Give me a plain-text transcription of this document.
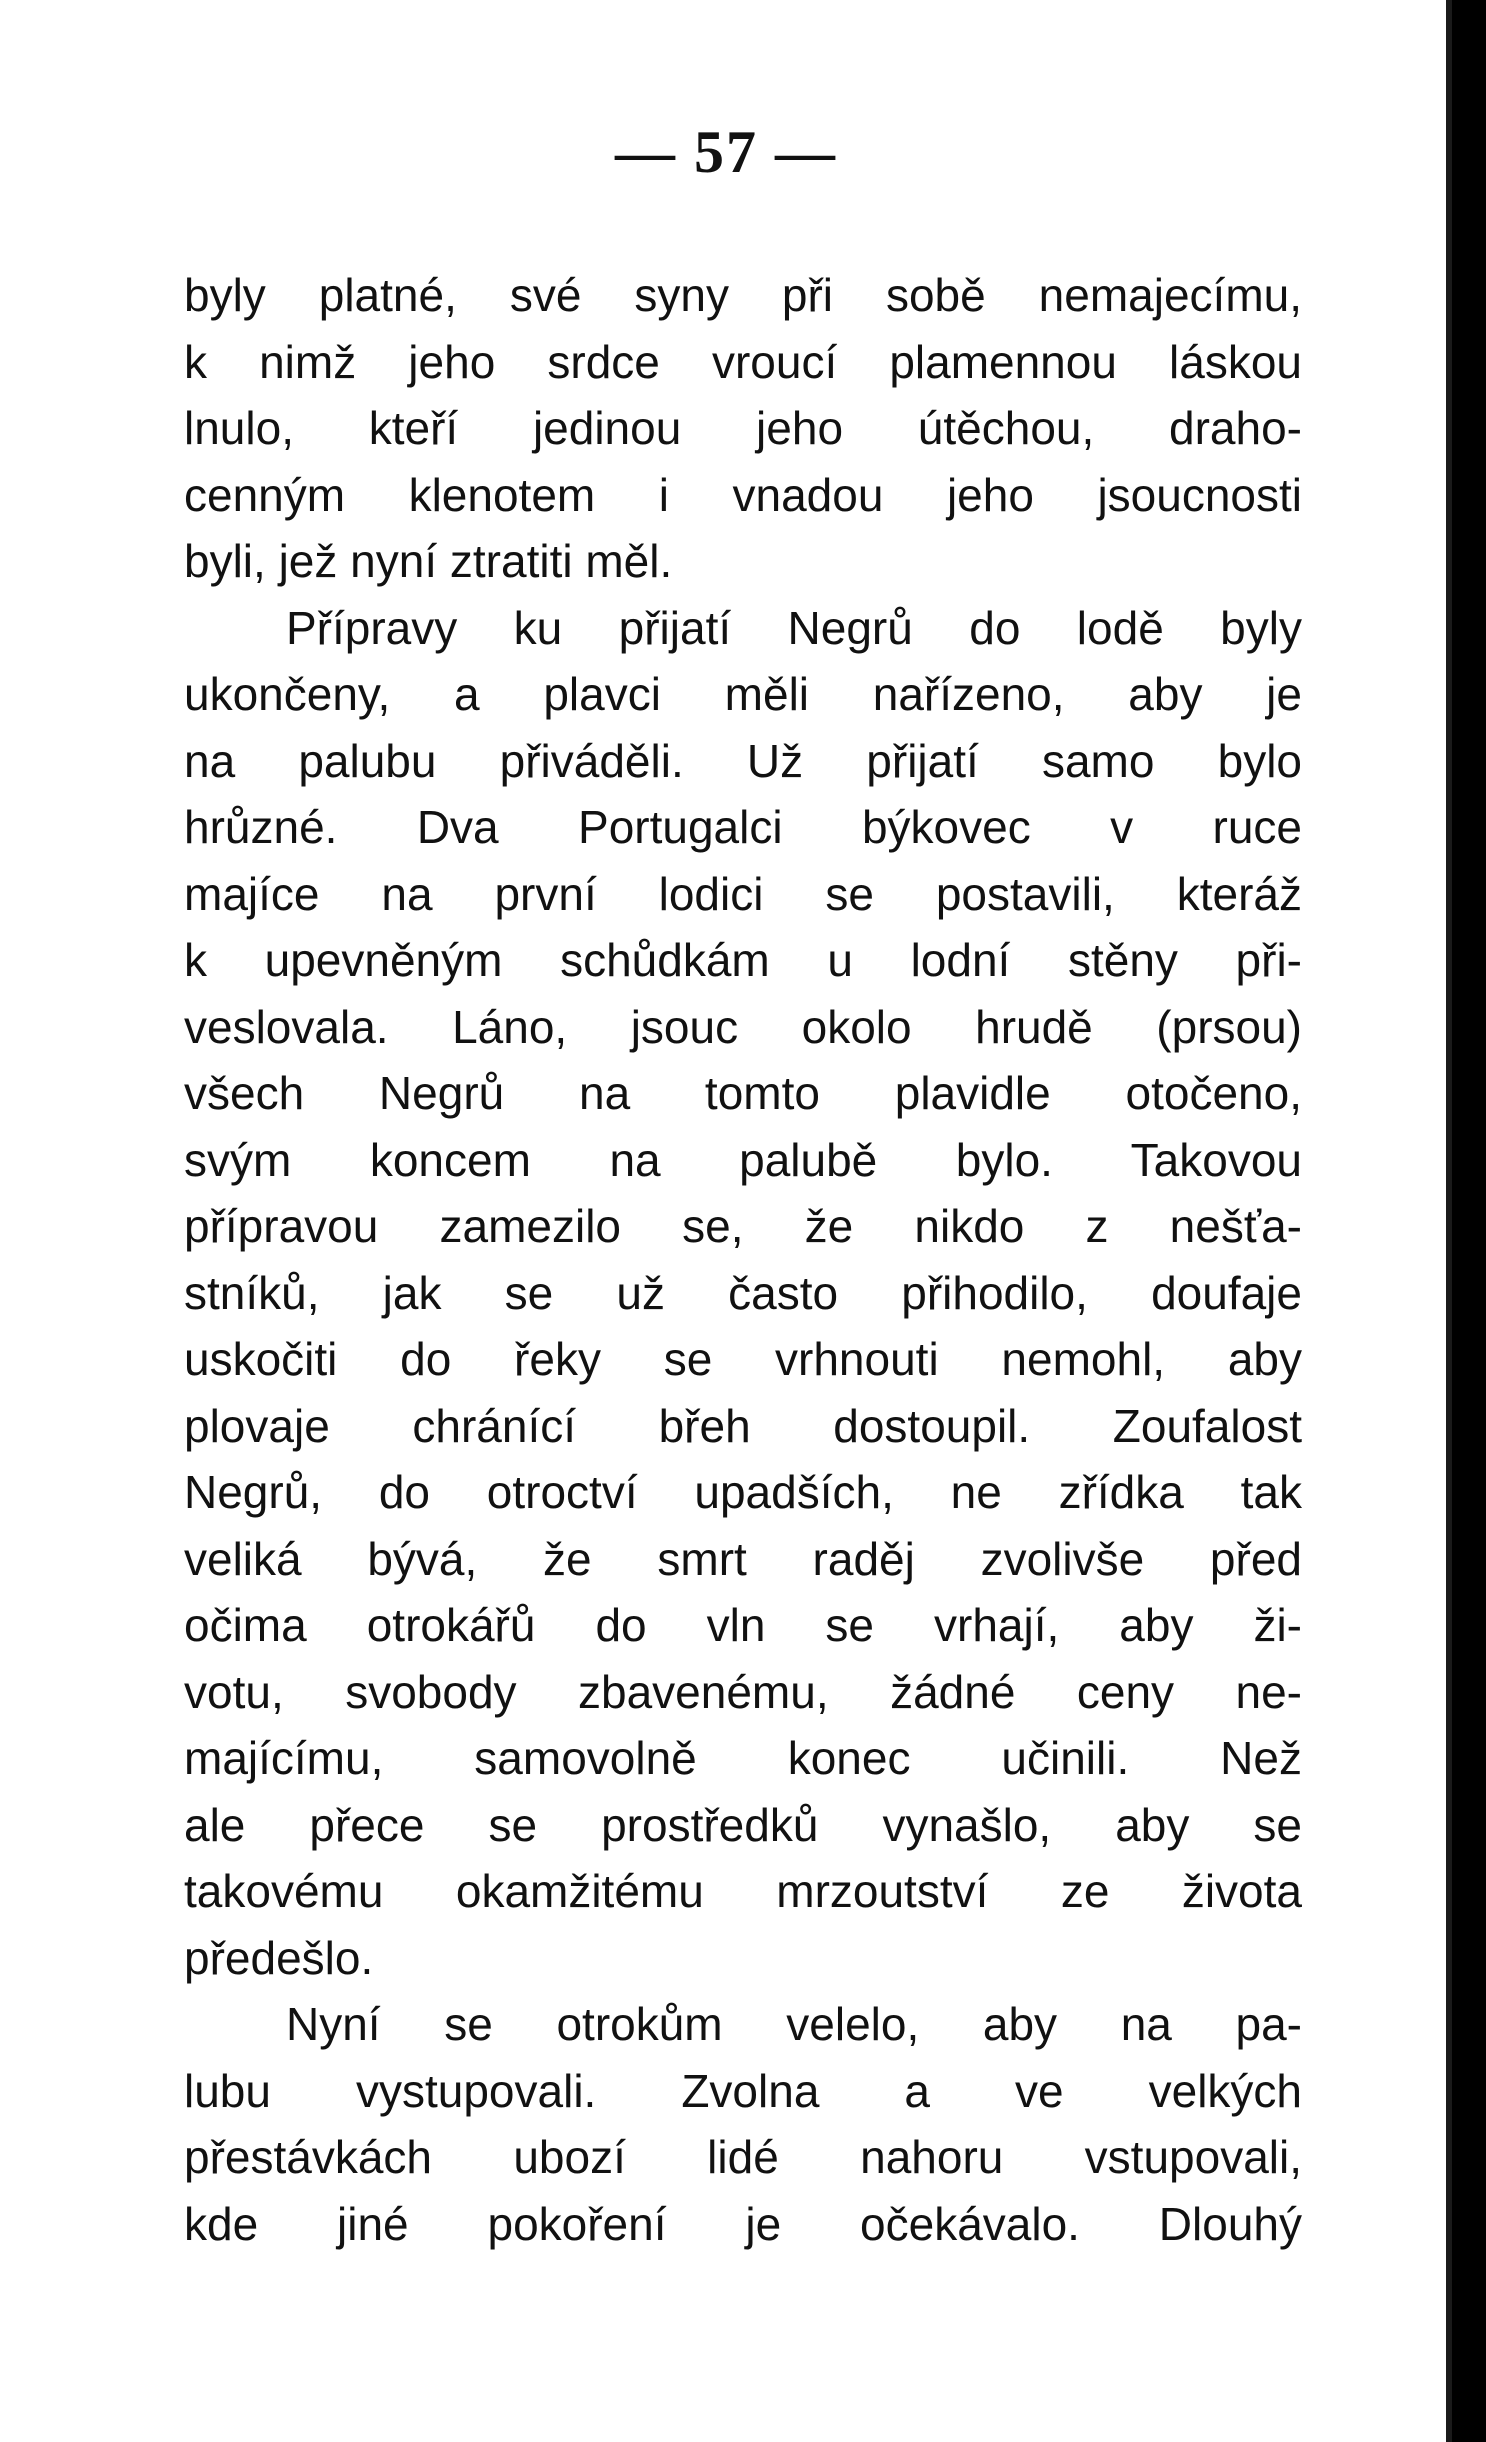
— 57 —
byly platné, své syny při sobě nemajecímu,
k nimž jeho srdce vroucí plamennou láskou
lnulo, kteří jedinou jeho útěchou, draho-
cenným klenotem i vnadou jeho jsoucnosti
byli, jež nyní ztratiti měl.
Přípravy ku přijatí Negrů do lodě byly
ukončeny, a plavci měli nařízeno, aby je
na palubu přiváděli. Už přijatí samo bylo
hrůzné. Dva Portugalci býkovec v ruce
majíce na první lodici se postavili, kteráž
k upevněným schůdkám u lodní stěny při-
veslovala. Láno, jsouc okolo hrudě (prsou)
všech Negrů na tomto plavidle otočeno,
svým koncem na palubě bylo. Takovou
přípravou zamezilo se, že nikdo z nešťa-
stníků, jak se už často přihodilo, doufaje
uskočiti do řeky se vrhnouti nemohl, aby
plovaje chránící břeh dostoupil. Zoufalost
Negrů, do otroctví upadších, ne zřídka tak
veliká bývá, že smrt raděj zvolivše před
očima otrokářů do vln se vrhají, aby ži-
votu, svobody zbavenému, žádné ceny ne-
majícímu, samovolně konec učinili. Než
ale přece se prostředků vynašlo, aby se
takovému okamžitému mrzoutství ze života
předešlo.
Nyní se otrokům velelo, aby na pa-
lubu vystupovali. Zvolna a ve velkých
přestávkách ubozí lidé nahoru vstupovali,
kde jiné pokoření je očekávalo. Dlouhý
